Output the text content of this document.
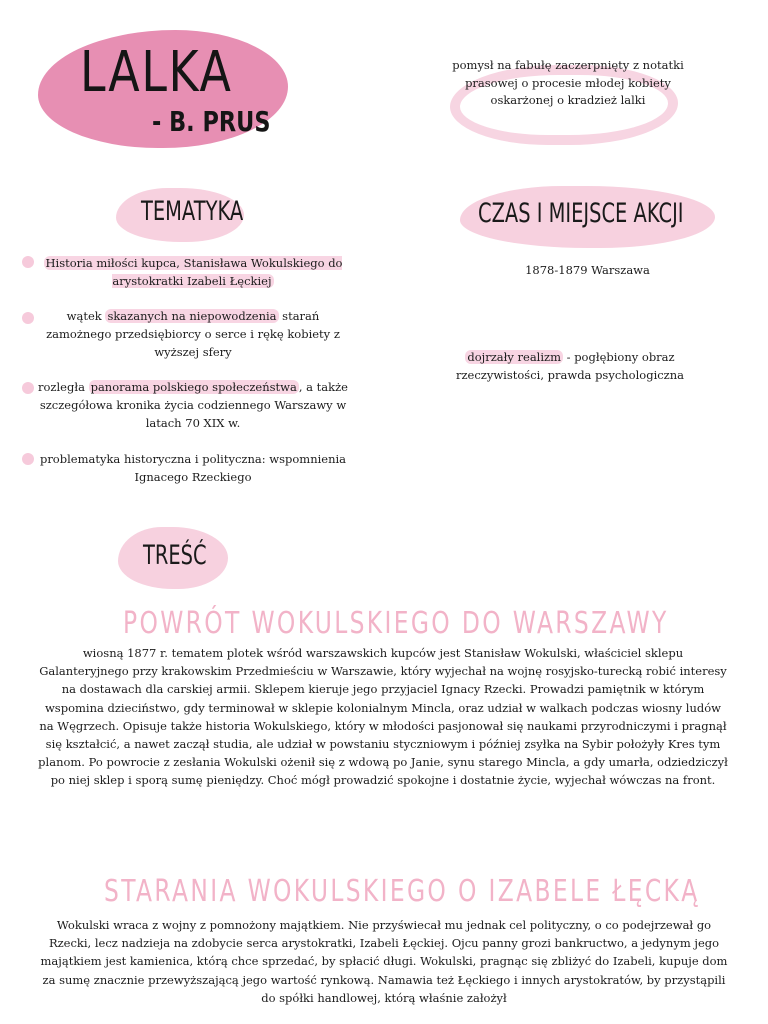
LALKA
- B. PRUS
pomysł na fabułę zaczerpnięty z notatki prasowej o procesie młodej kobiety oskarżonej o kradzież lalki
TEMATYKA	CZAS I MIEJSCE AKCJI
Historia miłości kupca, Stanisława Wokulskiego do arystokratki Izabeli Łęckiej
wątek skazanych na niepowodzenia starań zamożnego przedsiębiorcy o serce i rękę kobiety z wyższej sfery
rozległa panorama polskiego społeczeństwa , a także szczegółowa kronika życia codziennego Warszawy w latach 70 XIX w.
problematyka historyczna i polityczna: wspomnienia Ignacego Rzeckiego
1878-1879 Warszawa
dojrzały realizm - pogłębiony obraz rzeczywistości, prawda psychologiczna
TREŚĆ
POWRÓT WOKULSKIEGO DO WARSZAWY
wiosną 1877 r. tematem plotek wśród warszawskich kupców jest Stanisław Wokulski, właściciel sklepu Galanteryjnego przy krakowskim Przedmieściu w Warszawie, który wyjechał na wojnę rosyjsko-turecką robić interesy na dostawach dla carskiej armii. Sklepem kieruje jego przyjaciel Ignacy Rzecki. Prowadzi pamiętnik w którym wspomina dzieciństwo, gdy terminował w sklepie kolonialnym Mincla, oraz udział w walkach podczas wiosny ludów na Węgrzech. Opisuje także historia Wokulskiego, który w młodości pasjonował się naukami przyrodniczymi i pragnął się kształcić, a nawet zaczął studia, ale udział w powstaniu styczniowym i później zsyłka na Sybir położyły Kres tym planom. Po powrocie z zesłania Wokulski ożenił się z wdową po Janie, synu starego Mincla, a gdy umarła, odziedziczył po niej sklep i sporą sumę pieniędzy. Choć mógł prowadzić spokojne i dostatnie życie, wyjechał wówczas na front.
STARANIA WOKULSKIEGO O IZABELE ŁĘCKĄ
Wokulski wraca z wojny z pomnożony majątkiem. Nie przyświecał mu jednak cel polityczny, o co podejrzewał go Rzecki, lecz nadzieja na zdobycie serca arystokratki, Izabeli Łęckiej. Ojcu panny grozi bankructwo, a jedynym jego majątkiem jest kamienica, którą chce sprzedać, by spłacić długi. Wokulski, pragnąc się zbliżyć do Izabeli, kupuje dom za sumę znacznie przewyższającą jego wartość rynkową. Namawia też Łęckiego i innych arystokratów, by przystąpili do spółki handlowej, którą właśnie założył
